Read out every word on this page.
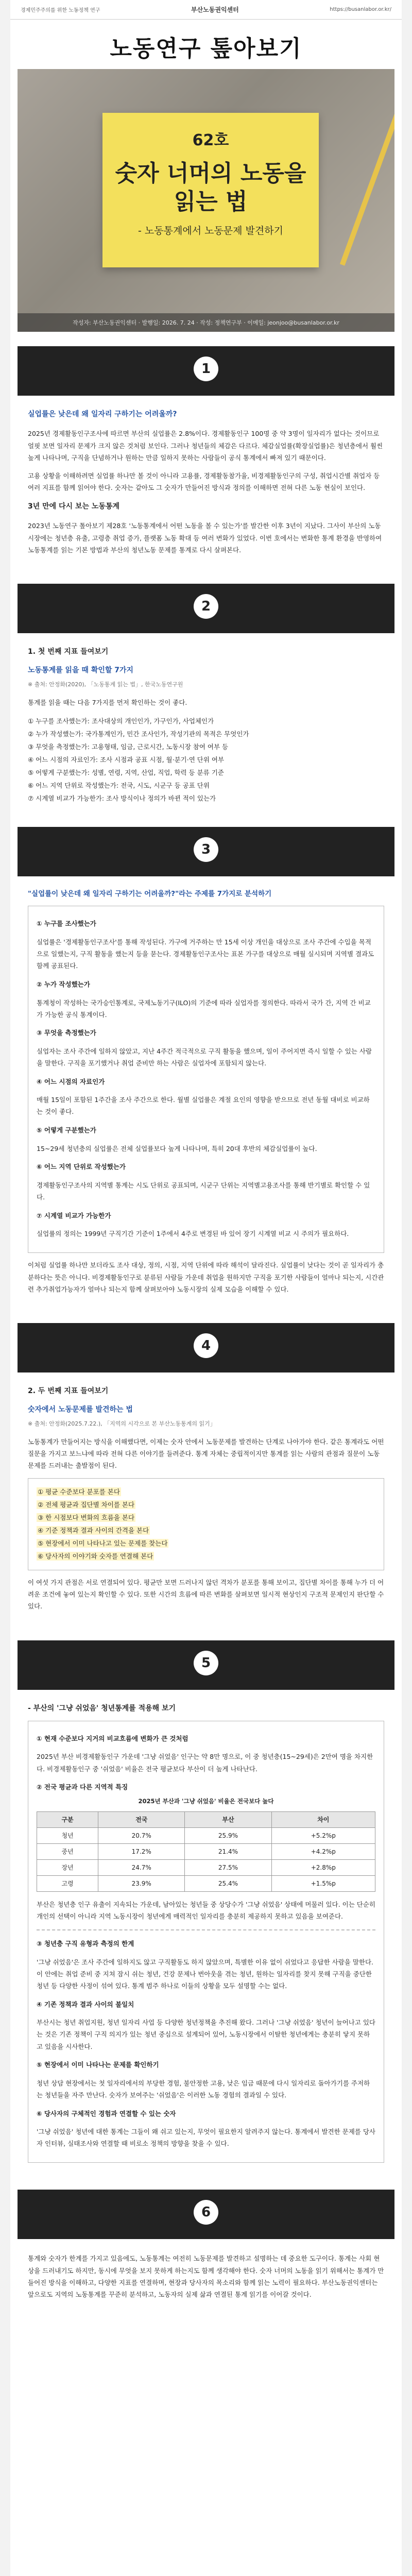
경제민주주의를 위한 노동정책 연구	부산노동권익센터	https://busanlabor.or.kr/
노동연구 톺아보기
62호
숫자 너머의 노동을
읽는 법
- 노동통계에서 노동문제 발견하기
작성자: 부산노동권익센터 · 발행일: 2026. 7. 24 · 작성: 정책연구부 · 이메일: jeonjoo@busanlabor.or.kr
1
실업률은 낮은데 왜 일자리 구하기는 어려울까?

2025년 경제활동인구조사에 따르면 부산의 실업률은 2.8%이다. 경제활동인구 100명 중 약 3명이 일자리가 없다는 것이므로 얼핏 보면 일자리 문제가 크지 않은 것처럼 보인다. 그러나 청년들의 체감은 다르다. 체감실업률(확장실업률)은 청년층에서 훨씬 높게 나타나며, 구직을 단념하거나 원하는 만큼 일하지 못하는 사람들이 공식 통계에서 빠져 있기 때문이다.

고용 상황을 이해하려면 실업률 하나만 볼 것이 아니라 고용률, 경제활동참가율, 비경제활동인구의 구성, 취업시간별 취업자 등 여러 지표를 함께 읽어야 한다. 숫자는 같아도 그 숫자가 만들어진 방식과 정의를 이해하면 전혀 다른 노동 현실이 보인다.

3년 만에 다시 보는 노동통계

2023년 노동연구 톺아보기 제28호 '노동통계에서 어떤 노동을 볼 수 있는가'를 발간한 이후 3년이 지났다. 그사이 부산의 노동시장에는 청년층 유출, 고령층 취업 증가, 플랫폼 노동 확대 등 여러 변화가 있었다. 이번 호에서는 변화한 통계 환경을 반영하여 노동통계를 읽는 기본 방법과 부산의 청년노동 문제를 통계로 다시 살펴본다.

2
1. 첫 번째 지표 들여보기
노동통계를 읽을 때 확인할 7가지
※ 출처: 안정화(2020), 「노동통계 읽는 법」, 한국노동연구원

통계를 읽을 때는 다음 7가지를 먼저 확인하는 것이 좋다.

① 누구를 조사했는가: 조사대상의 개인인가, 가구인가, 사업체인가

② 누가 작성했는가: 국가통계인가, 민간 조사인가, 작성기관의 목적은 무엇인가

③ 무엇을 측정했는가: 고용형태, 임금, 근로시간, 노동시장 참여 여부 등

④ 어느 시점의 자료인가: 조사 시점과 공표 시점, 월·분기·연 단위 여부

⑤ 어떻게 구분했는가: 성별, 연령, 지역, 산업, 직업, 학력 등 분류 기준

⑥ 어느 지역 단위로 작성했는가: 전국, 시도, 시군구 등 공표 단위

⑦ 시계열 비교가 가능한가: 조사 방식이나 정의가 바뀐 적이 있는가

3
"실업률이 낮은데 왜 일자리 구하기는 어려울까?"라는 주제를 7가지로 분석하기
① 누구를 조사했는가

실업률은 '경제활동인구조사'를 통해 작성된다. 가구에 거주하는 만 15세 이상 개인을 대상으로 조사 주간에 수입을 목적으로 일했는지, 구직 활동을 했는지 등을 묻는다. 경제활동인구조사는 표본 가구를 대상으로 매월 실시되며 지역별 결과도 함께 공표된다.

② 누가 작성했는가

통계청이 작성하는 국가승인통계로, 국제노동기구(ILO)의 기준에 따라 실업자를 정의한다. 따라서 국가 간, 지역 간 비교가 가능한 공식 통계이다.

③ 무엇을 측정했는가

실업자는 조사 주간에 일하지 않았고, 지난 4주간 적극적으로 구직 활동을 했으며, 일이 주어지면 즉시 일할 수 있는 사람을 말한다. 구직을 포기했거나 취업 준비만 하는 사람은 실업자에 포함되지 않는다.

④ 어느 시점의 자료인가

매월 15일이 포함된 1주간을 조사 주간으로 한다. 월별 실업률은 계절 요인의 영향을 받으므로 전년 동월 대비로 비교하는 것이 좋다.

⑤ 어떻게 구분했는가

15~29세 청년층의 실업률은 전체 실업률보다 높게 나타나며, 특히 20대 후반의 체감실업률이 높다.

⑥ 어느 지역 단위로 작성했는가

경제활동인구조사의 지역별 통계는 시도 단위로 공표되며, 시군구 단위는 지역별고용조사를 통해 반기별로 확인할 수 있다.

⑦ 시계열 비교가 가능한가

실업률의 정의는 1999년 구직기간 기준이 1주에서 4주로 변경된 바 있어 장기 시계열 비교 시 주의가 필요하다.

이처럼 실업률 하나만 보더라도 조사 대상, 정의, 시점, 지역 단위에 따라 해석이 달라진다. 실업률이 낮다는 것이 곧 일자리가 충분하다는 뜻은 아니다. 비경제활동인구로 분류된 사람들 가운데 취업을 원하지만 구직을 포기한 사람들이 얼마나 되는지, 시간관련 추가취업가능자가 얼마나 되는지 함께 살펴보아야 노동시장의 실제 모습을 이해할 수 있다.

4
2. 두 번째 지표 들여보기
숫자에서 노동문제를 발견하는 법
※ 출처: 안정화(2025.7.22.), 「지역의 시각으로 본 부산노동통계의 읽기」

노동통계가 만들어지는 방식을 이해했다면, 이제는 숫자 안에서 노동문제를 발견하는 단계로 나아가야 한다. 같은 통계라도 어떤 질문을 가지고 보느냐에 따라 전혀 다른 이야기를 들려준다. 통계 자체는 중립적이지만 통계를 읽는 사람의 관점과 질문이 노동문제를 드러내는 출발점이 된다.

① 평균 수준보다 분포를 본다

② 전체 평균과 집단별 차이를 본다

③ 한 시점보다 변화의 흐름을 본다

④ 기준 정책과 결과 사이의 간격을 본다

⑤ 현장에서 이미 나타나고 있는 문제를 찾는다

⑥ 당사자의 이야기와 숫자를 연결해 본다

이 여섯 가지 관점은 서로 연결되어 있다. 평균만 보면 드러나지 않던 격차가 분포를 통해 보이고, 집단별 차이를 통해 누가 더 어려운 조건에 놓여 있는지 확인할 수 있다. 또한 시간의 흐름에 따른 변화를 살펴보면 일시적 현상인지 구조적 문제인지 판단할 수 있다.

5
- 부산의 '그냥 쉬었음' 청년통계를 적용해 보기
① 현재 수준보다 지거의 비교흐름에 변화가 큰 것처럼

2025년 부산 비경제활동인구 가운데 '그냥 쉬었음' 인구는 약 8만 명으로, 이 중 청년층(15~29세)은 2만여 명을 차지한다. 비경제활동인구 중 '쉬었음' 비율은 전국 평균보다 부산이 더 높게 나타난다.

② 전국 평균과 다른 지역적 특징
2025년 부산과 '그냥 쉬었음' 비율은 전국보다 높다
구분	전국	부산	차이
청년	20.7%	25.9%	+5.2%p
중년	17.2%	21.4%	+4.2%p
장년	24.7%	27.5%	+2.8%p
고령	23.9%	25.4%	+1.5%p

부산은 청년층 인구 유출이 지속되는 가운데, 남아있는 청년들 중 상당수가 '그냥 쉬었음' 상태에 머물러 있다. 이는 단순히 개인의 선택이 아니라 지역 노동시장이 청년에게 매력적인 일자리를 충분히 제공하지 못하고 있음을 보여준다.

③ 청년층 구직 유형과 측정의 한계

'그냥 쉬었음'은 조사 주간에 일하지도 않고 구직활동도 하지 않았으며, 특별한 이유 없이 쉬었다고 응답한 사람을 말한다. 이 안에는 취업 준비 중 지쳐 잠시 쉬는 청년, 건강 문제나 번아웃을 겪는 청년, 원하는 일자리를 찾지 못해 구직을 중단한 청년 등 다양한 사정이 섞여 있다. 통계 범주 하나로 이들의 상황을 모두 설명할 수는 없다.

④ 기존 정책과 결과 사이의 불일치

부산시는 청년 취업지원, 청년 일자리 사업 등 다양한 청년정책을 추진해 왔다. 그러나 '그냥 쉬었음' 청년이 늘어나고 있다는 것은 기존 정책이 구직 의지가 있는 청년 중심으로 설계되어 있어, 노동시장에서 이탈한 청년에게는 충분히 닿지 못하고 있음을 시사한다.

⑤ 현장에서 이미 나타나는 문제를 확인하기

청년 상담 현장에서는 첫 일자리에서의 부당한 경험, 불안정한 고용, 낮은 임금 때문에 다시 일자리로 돌아가기를 주저하는 청년들을 자주 만난다. 숫자가 보여주는 '쉬었음'은 이러한 노동 경험의 결과일 수 있다.

⑥ 당사자의 구체적인 경험과 연결할 수 있는 숫자

'그냥 쉬었음' 청년에 대한 통계는 그들이 왜 쉬고 있는지, 무엇이 필요한지 알려주지 않는다. 통계에서 발견한 문제를 당사자 인터뷰, 실태조사와 연결할 때 비로소 정책의 방향을 찾을 수 있다.

6

통계와 숫자가 한계를 가지고 있음에도, 노동통계는 여전히 노동문제를 발견하고 설명하는 데 중요한 도구이다. 통계는 사회 현상을 드러내기도 하지만, 동시에 무엇을 보지 못하게 하는지도 함께 생각해야 한다. 숫자 너머의 노동을 읽기 위해서는 통계가 만들어진 방식을 이해하고, 다양한 지표를 연결하며, 현장과 당사자의 목소리와 함께 읽는 노력이 필요하다. 부산노동권익센터는 앞으로도 지역의 노동통계를 꾸준히 분석하고, 노동자의 실제 삶과 연결된 통계 읽기를 이어갈 것이다.
